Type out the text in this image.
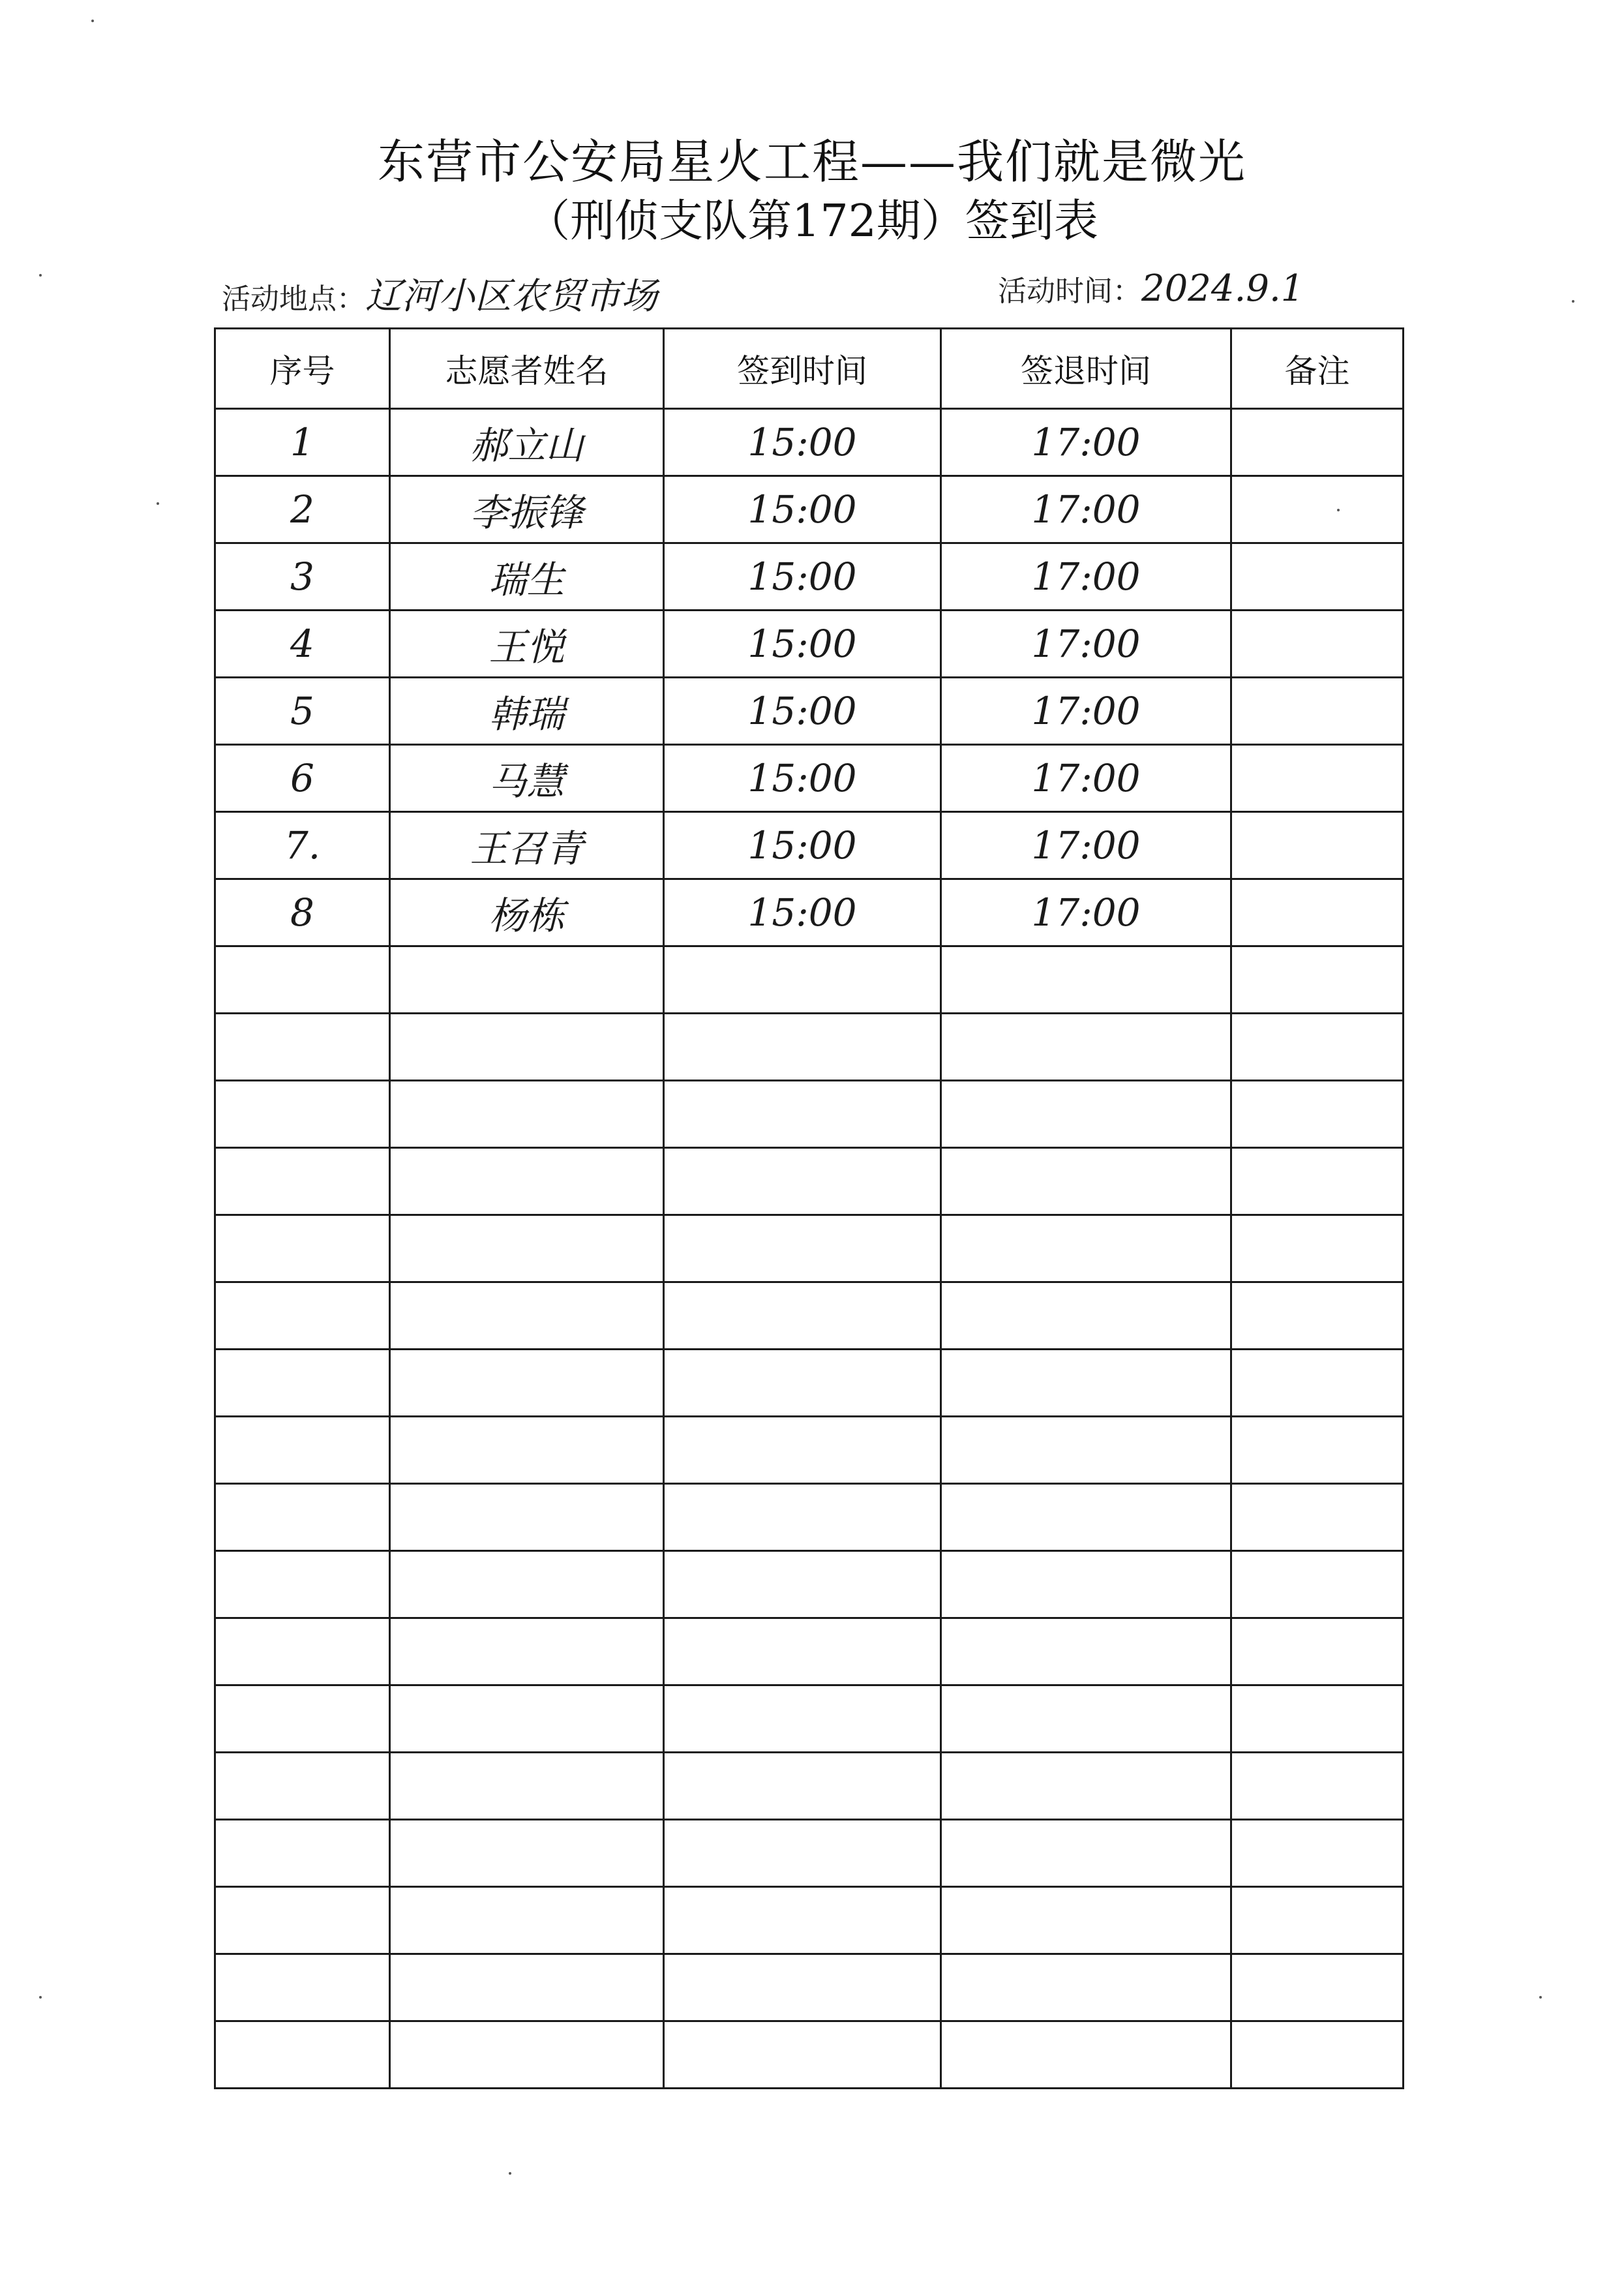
东营市公安局星火工程——我们就是微光
（刑侦支队第172期）签到表
活动地点：辽河小区农贸市场	活动时间：2024.9.1
序号	志愿者姓名	签到时间	签退时间	备注
1	郝立山	15:00	17:00	
2	李振锋	15:00	17:00	
3	瑞生	15:00	17:00	
4	王悦	15:00	17:00	
5	韩瑞	15:00	17:00	
6	马慧	15:00	17:00	
7.	王召青	15:00	17:00	
8	杨栋	15:00	17:00	
